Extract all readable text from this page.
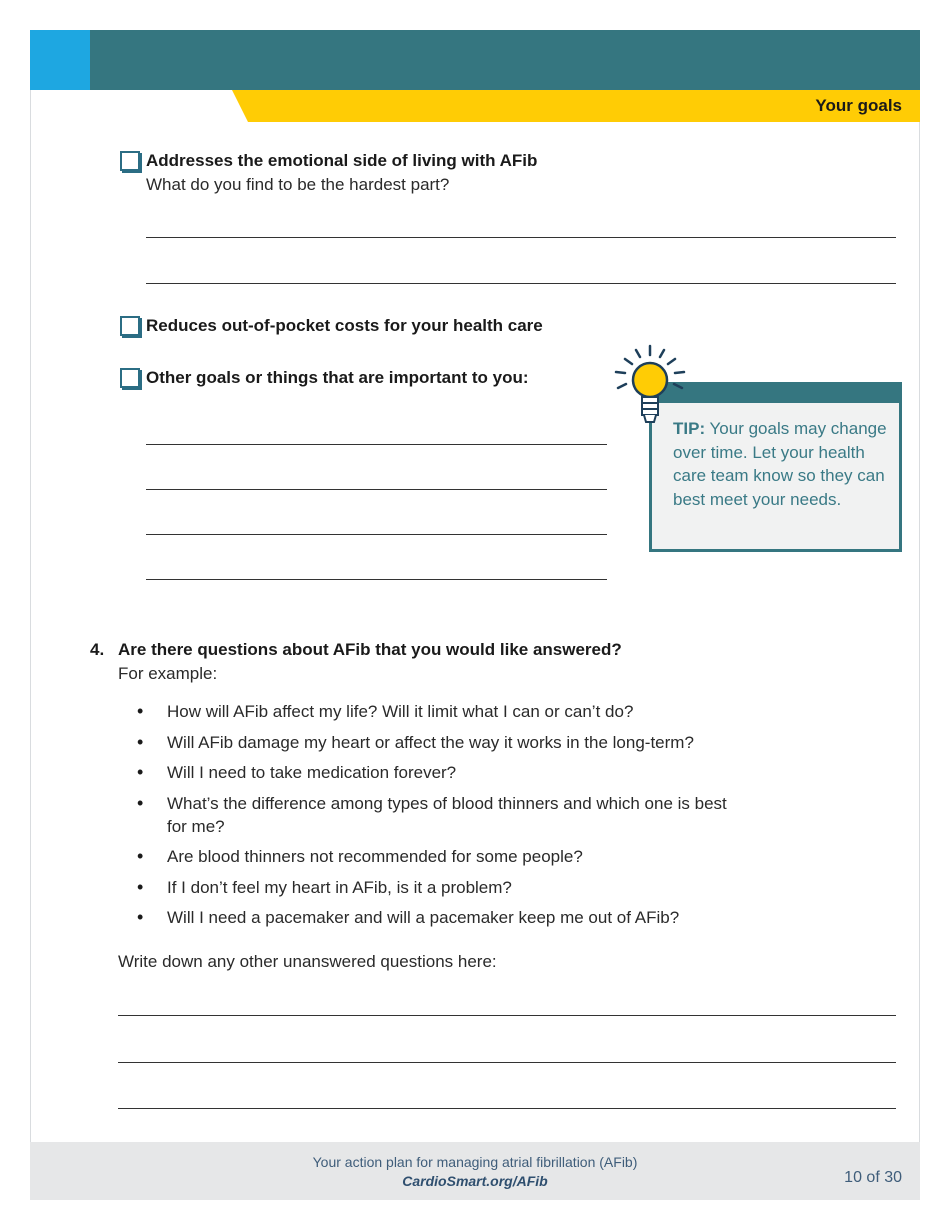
Your goals
Addresses the emotional side of living with AFib
What do you find to be the hardest part?
Reduces out-of-pocket costs for your health care
Other goals or things that are important to you:
TIP: Your goals may change over time. Let your health care team know so they can best meet your needs.
4. Are there questions about AFib that you would like answered?
For example:
• How will AFib affect my life? Will it limit what I can or can’t do?
• Will AFib damage my heart or affect the way it works in the long-term?
• Will I need to take medication forever?
• What’s the difference among types of blood thinners and which one is best for me?
• Are blood thinners not recommended for some people?
• If I don’t feel my heart in AFib, is it a problem?
• Will I need a pacemaker and will a pacemaker keep me out of AFib?
Write down any other unanswered questions here:
Your action plan for managing atrial fibrillation (AFib)
CardioSmart.org/AFib	10 of 30
